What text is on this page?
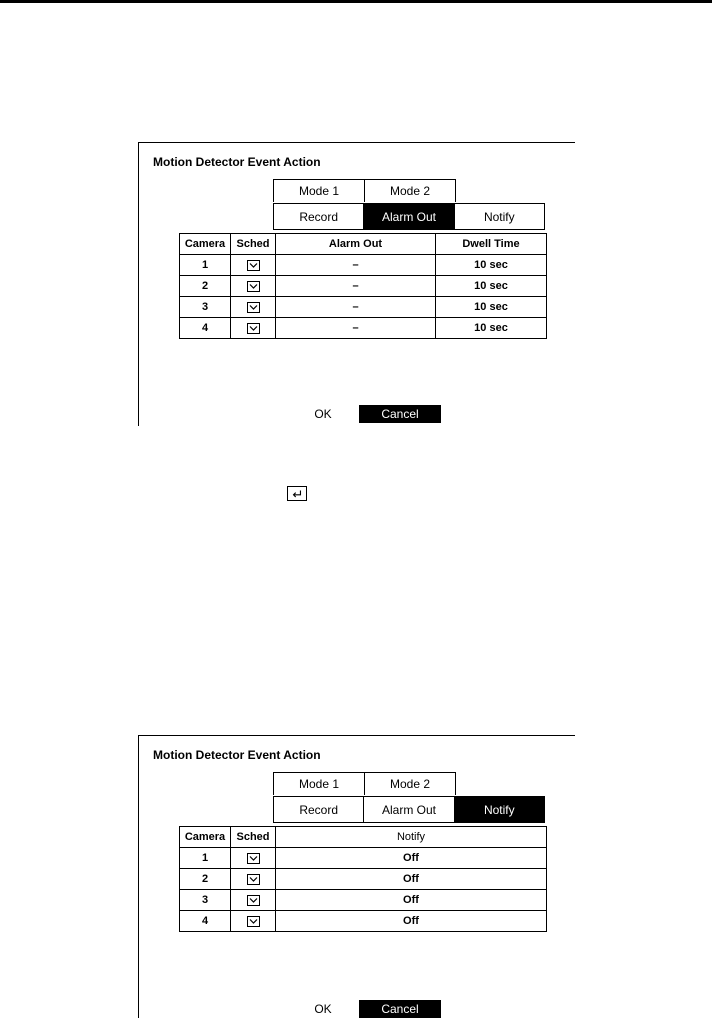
Motion Detector Event Action
Mode 1	Mode 2
Record	Alarm Out	Notify
Camera	Sched	Alarm Out	Dwell Time
1		–	10 sec
2		–	10 sec
3		–	10 sec
4		–	10 sec
OK	Cancel
Motion Detector Event Action
Mode 1	Mode 2
Record	Alarm Out	Notify
Camera	Sched	Notify
1		Off
2		Off
3		Off
4		Off
OK	Cancel
